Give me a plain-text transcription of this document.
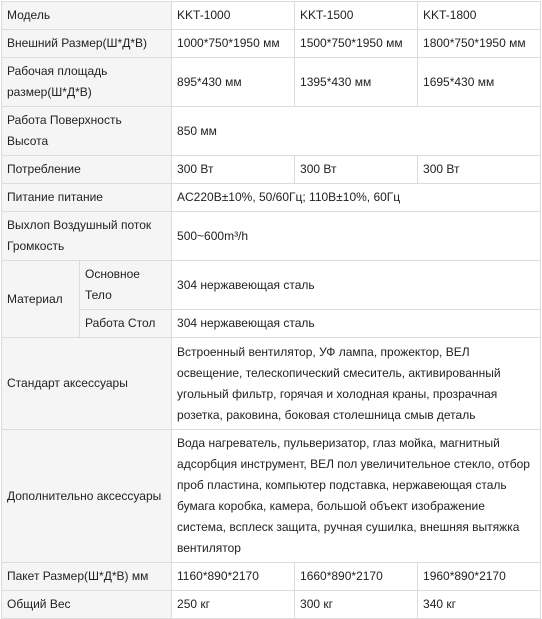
Модель		KKT-1000	KKT-1500	KKT-1800
Внешний Размер(Ш*Д*В)		1000*750*1950 мм	1500*750*1950 мм	1800*750*1950 мм
Рабочая площадь размер(Ш*Д*В)		895*430 мм	1395*430 мм	1695*430 мм
Работа Поверхность Высота		850 мм		
Потребление		300 Вт	300 Вт	300 Вт
Питание питание		AC220B±10%, 50/60Гц; 110B±10%, 60Гц		
Выхлоп Воздушный поток Громкость		500~600m³/h		
Материал	Основное Тело	304 нержавеющая сталь		
	Работа Стол	304 нержавеющая сталь		
Стандарт аксессуары		Встроенный вентилятор, УФ лампа, прожектор, ВЕЛ освещение, телескопический смеситель, активированный угольный фильтр, горячая и холодная краны, прозрачная розетка, раковина, боковая столешница смыв деталь		
Дополнительно аксессуары		Вода нагреватель, пульверизатор, глаз мойка, магнитный адсорбция инструмент, ВЕЛ пол увеличительное стекло, отбор проб пластина, компьютер подставка, нержавеющая сталь бумага коробка, камера, большой объект изображение система, всплеск защита, ручная сушилка, внешняя вытяжка вентилятор		
Пакет Размер(Ш*Д*В) мм		1160*890*2170	1660*890*2170	1960*890*2170
Общий Вес		250 кг	300 кг	340 кг
